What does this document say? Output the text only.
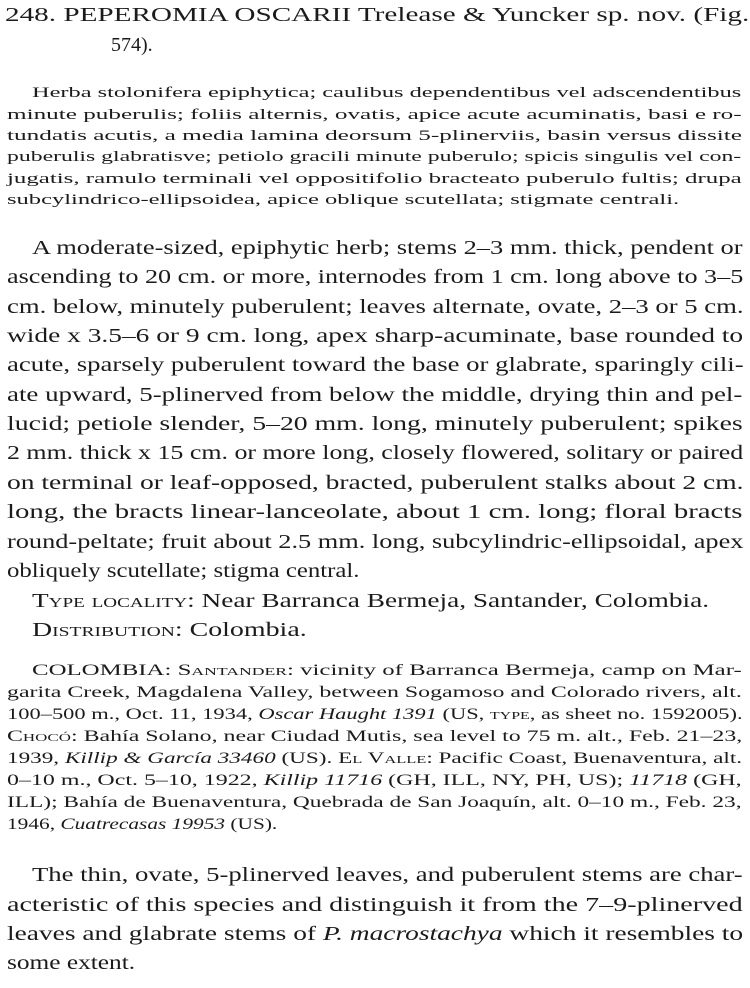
248. PEPEROMIA OSCARII Trelease & Yuncker sp. nov. (Fig.
574).
Herba stolonifera epiphytica; caulibus dependentibus vel adscendentibus
minute puberulis; foliis alternis, ovatis, apice acute acuminatis, basi e ro-
tundatis acutis, a media lamina deorsum 5-plinerviis, basin versus dissite
puberulis glabratisve; petiolo gracili minute puberulo; spicis singulis vel con-
jugatis, ramulo terminali vel oppositifolio bracteato puberulo fultis; drupa
subcylindrico-ellipsoidea, apice oblique scutellata; stigmate centrali.
A moderate-sized, epiphytic herb; stems 2–3 mm. thick, pendent or
ascending to 20 cm. or more, internodes from 1 cm. long above to 3–5
cm. below, minutely puberulent; leaves alternate, ovate, 2–3 or 5 cm.
wide x 3.5–6 or 9 cm. long, apex sharp-acuminate, base rounded to
acute, sparsely puberulent toward the base or glabrate, sparingly cili-
ate upward, 5-plinerved from below the middle, drying thin and pel-
lucid; petiole slender, 5–20 mm. long, minutely puberulent; spikes
2 mm. thick x 15 cm. or more long, closely flowered, solitary or paired
on terminal or leaf-opposed, bracted, puberulent stalks about 2 cm.
long, the bracts linear-lanceolate, about 1 cm. long; floral bracts
round-peltate; fruit about 2.5 mm. long, subcylindric-ellipsoidal, apex
obliquely scutellate; stigma central.
Type locality: Near Barranca Bermeja, Santander, Colombia.
Distribution: Colombia.
COLOMBIA: Santander: vicinity of Barranca Bermeja, camp on Mar-
garita Creek, Magdalena Valley, between Sogamoso and Colorado rivers, alt.
100–500 m., Oct. 11, 1934, Oscar Haught 1391 (US, type, as sheet no. 1592005).
Chocó: Bahía Solano, near Ciudad Mutis, sea level to 75 m. alt., Feb. 21–23,
1939, Killip & García 33460 (US). El Valle: Pacific Coast, Buenaventura, alt.
0–10 m., Oct. 5–10, 1922, Killip 11716 (GH, ILL, NY, PH, US); 11718 (GH,
ILL); Bahía de Buenaventura, Quebrada de San Joaquín, alt. 0–10 m., Feb. 23,
1946, Cuatrecasas 19953 (US).
The thin, ovate, 5-plinerved leaves, and puberulent stems are char-
acteristic of this species and distinguish it from the 7–9-plinerved
leaves and glabrate stems of P. macrostachya which it resembles to
some extent.
